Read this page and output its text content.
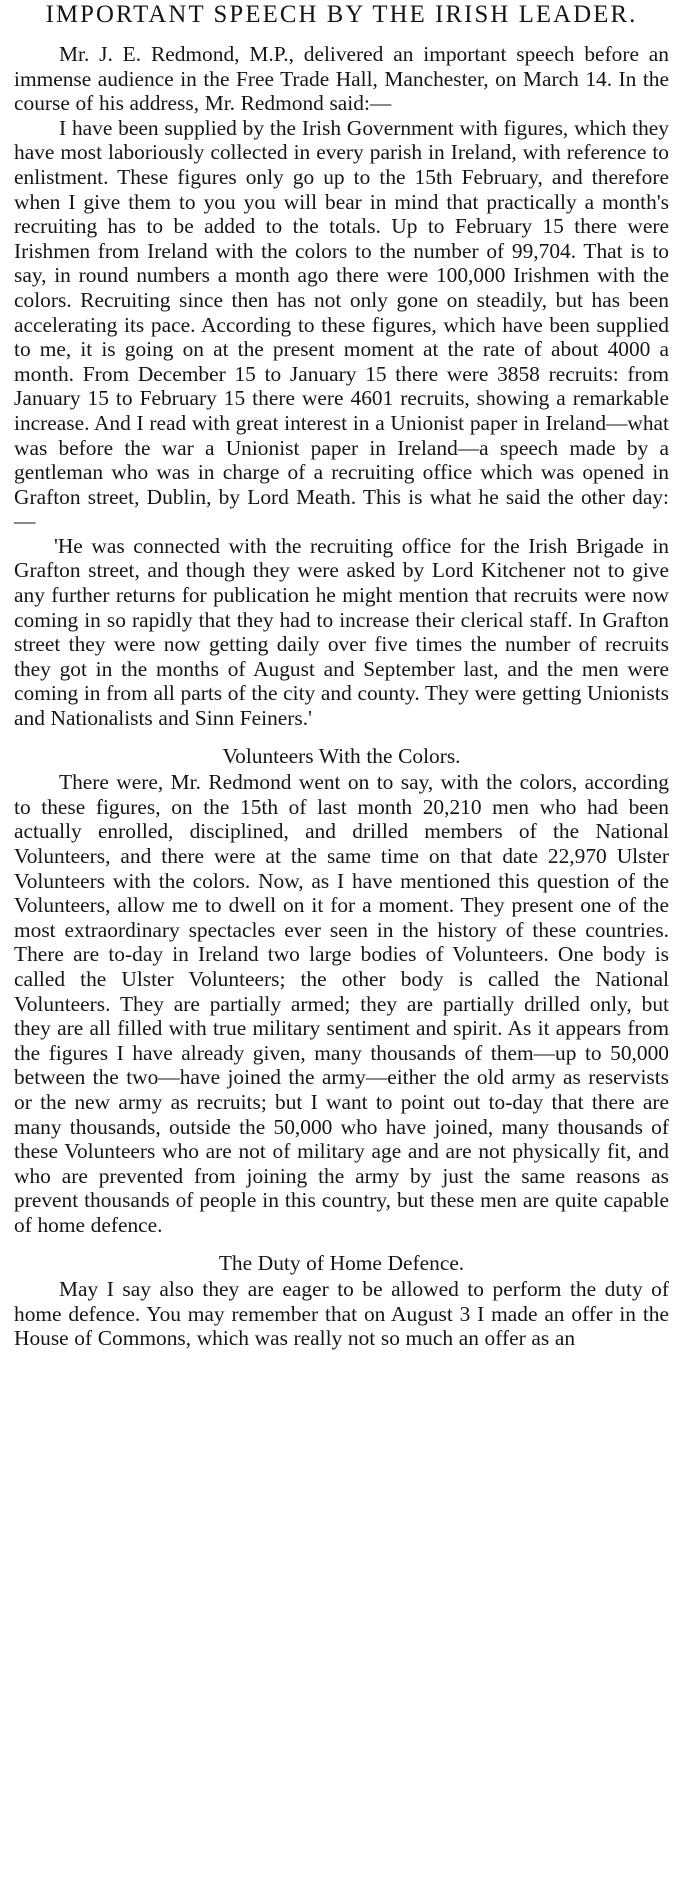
IMPORTANT SPEECH BY THE IRISH LEADER.

Mr. J. E. Redmond, M.P., delivered an important speech before an immense audience in the Free Trade Hall, Manchester, on March 14. In the course of his address, Mr. Redmond said:—

I have been supplied by the Irish Government with figures, which they have most laboriously collected in every parish in Ireland, with reference to enlistment. These figures only go up to the 15th February, and therefore when I give them to you you will bear in mind that practically a month's recruiting has to be added to the totals. Up to February 15 there were Irishmen from Ireland with the colors to the number of 99,704. That is to say, in round numbers a month ago there were 100,000 Irishmen with the colors. Recruiting since then has not only gone on steadily, but has been accelerating its pace. According to these figures, which have been supplied to me, it is going on at the present moment at the rate of about 4000 a month. From December 15 to January 15 there were 3858 recruits: from January 15 to February 15 there were 4601 recruits, showing a remarkable increase. And I read with great interest in a Unionist paper in Ireland—what was before the war a Unionist paper in Ireland—a speech made by a gentleman who was in charge of a recruiting office which was opened in Grafton street, Dublin, by Lord Meath. This is what he said the other day:—

'He was connected with the recruiting office for the Irish Brigade in Grafton street, and though they were asked by Lord Kitchener not to give any further returns for publication he might mention that recruits were now coming in so rapidly that they had to increase their clerical staff. In Grafton street they were now getting daily over five times the number of recruits they got in the months of August and September last, and the men were coming in from all parts of the city and county. They were getting Unionists and Nationalists and Sinn Feiners.'

Volunteers With the Colors.

There were, Mr. Redmond went on to say, with the colors, according to these figures, on the 15th of last month 20,210 men who had been actually enrolled, disciplined, and drilled members of the National Volunteers, and there were at the same time on that date 22,970 Ulster Volunteers with the colors. Now, as I have mentioned this question of the Volunteers, allow me to dwell on it for a moment. They present one of the most extraordinary spectacles ever seen in the history of these countries. There are to-day in Ireland two large bodies of Volunteers. One body is called the Ulster Volunteers; the other body is called the National Volunteers. They are partially armed; they are partially drilled only, but they are all filled with true military sentiment and spirit. As it appears from the figures I have already given, many thousands of them—up to 50,000 between the two—have joined the army—either the old army as reservists or the new army as recruits; but I want to point out to-day that there are many thousands, outside the 50,000 who have joined, many thousands of these Volunteers who are not of military age and are not physically fit, and who are prevented from joining the army by just the same reasons as prevent thousands of people in this country, but these men are quite capable of home defence.

The Duty of Home Defence.

May I say also they are eager to be allowed to perform the duty of home defence. You may remember that on August 3 I made an offer in the House of Commons, which was really not so much an offer as an
